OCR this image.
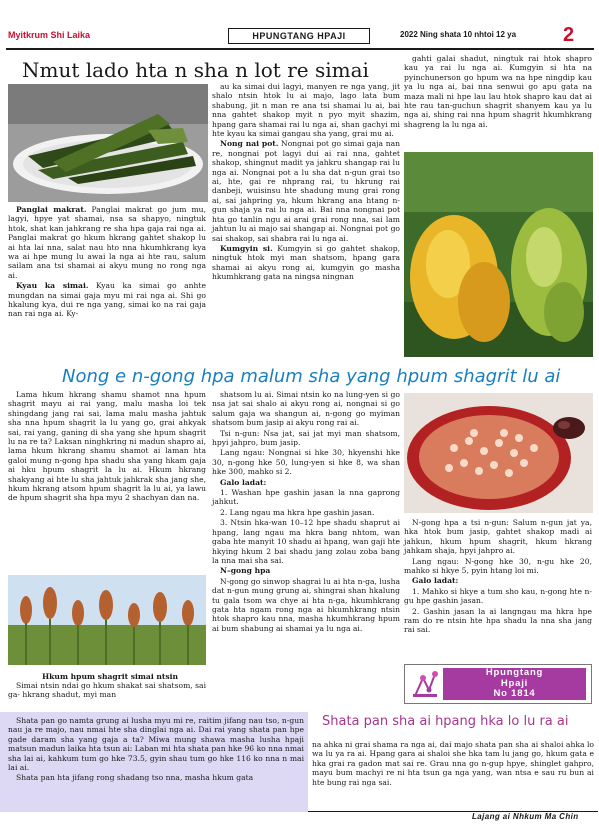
Myitkrum Shi Laika	HPUNGTANG HPAJI	2022 Ning shata 10 nhtoi 12 ya 2
Nmut lado hta n sha n lot re simai

Panglai makrat. Panglai makrat go jum mu, lagyi, hpye yat shamai, nsa sa shapyo, ningtuk htok, shat kan jahkrang re sha hpa gaja rai nga ai. Panglai makrat go hkum hkrang gahtet shakop lu ai hta lai nna, salat nau hto nna hkumhkrang kya wa ai hpe mung lu awai la nga ai hte rau, salum sailam ana tsi shamai ai akyu mung no rong nga ai.

Kyau ka simai. Kyau ka simai go anhte mungdan na simai gaja myu mi rai nga ai. Shi go hkalung kya, dui re nga yang, simai ko na rai gaja nan rai nga ai. Ky-

au ka simai dui lagyi, manyen re nga yang, jit shalo ntsin htok lu ai majo, lago lata bum shabung, jit n man re ana tsi shamai lu ai, bai nna gahtet shakop myit n pyo myit shazim, hpang gara shamai rai lu nga ai, shan gachyi mi hte kyau ka simai gangau sha yang, grai mu ai.

Nong nai pot. Nongnai pot go simai gaja nan re, nongnai pot lagyi dui ai rai nna, gahtet shakop, shingnut madit ya jahkru shangap rai lu nga ai. Nongnai pot a lu sha dat n-gun grai tso ai, hte, gai re nhprang rai, tu hkrung rai danbeji, wuisinsu hte shadung mung grai rong ai, sai jahpring ya, hkum hkrang ana htang n-gun shaja ya rai lu nga ai. Bai nna nongnai pot hta go tanlin ngu ai arai grai rong nna, sai lam jahtun lu ai majo sai shangap ai. Nongnai pot go sai shakop, sai shabra rai lu nga ai.

Kumgyin si. Kumgyin si go gahtet shakop, ningtuk htok myi man shatsom, hpang gara shamai ai akyu rong ai, kumgyin go masha hkumhkrang gata na ningsa ningnan

gahti galai shadut, ningtuk rai htok shapro kau ya rai lu nga ai. Kumgyin si hta na pyinchunerson go hpum wa na hpe ningdip kau ya lu nga ai, bai nna senwui go apu gata na maza mali ni hpe lau lau htok shapro kau dat ai hte rau tan-guchun shagrit shanyem kau ya lu nga ai, shing rai nna hpum shagrit hkumhkrang shagreng la lu nga ai.

Nong e n-gong hpa malum sha yang hpum shagrit lu ai

Lama hkum hkrang shamu shamot nna hpum shagrit mayu ai rai yang, malu masha loi tek shingdang jang rai sai, lama malu masha jahtuk sha nna hpum shagrit la lu yang go, grai ahkyak sai, rai yang, ganing di sha yang she hpum shagrit lu na re ta? Laksan ninghkring ni madun shapro ai, lama hkum hkrang shamu shamot ai laman hta galoi mung n-gong hpa shadu sha yang hkam gaja ai hku hpum shagrit la lu ai. Hkum hkrang shakyang ai hte lu sha jahtuk jahkrak sha jang she, hkum hkrang atsom hpum shagrit la lu ai, ya lawu de hpum shagrit sha hpa myu 2 shachyan dan na.

Hkum hpum shagrit simai ntsin

Simai ntsin ndai go hkum shakat sai shatsom, sai ga- hkrang shadut, myi man

shatsom lu ai. Simai ntsin ko na lung-yen si go nsa jat sai shalo ai akyu rong ai, nongnai si go salum gaja wa shangun ai, n-gong go myiman shatsom bum jasip ai akyu rong rai ai.

Tsi n-gun: Nsa jat, sai jat myi man shatsom, hpyi jahpro, bum jasip.

Lang ngau: Nongnai si hke 30, hkyenshi hke 30, n-gong hke 50, lung-yen si hke 8, wa shan hke 300, mahko si 2.

Galo ladat:

1. Washan hpe gashin jasan la nna gaprong jahkut.

2. Lang ngau ma hkra hpe gashin jasan.

3. Ntsin hka-wan 10–12 hpe shadu shaprut ai hpang, lang ngau ma hkra bang nhtom, wan gaba hte manyit 10 shadu ai hpang, wan gaji hte hkying hkum 2 bai shadu jang zolau zoba bang la nna mai sha sai.

N–gong hpa

N-gong go sinwop shagrai lu ai hta n-ga, lusha dat n-gun mung grung ai, shingrai shan hkalung tu gala tsom wa chye ai hta n-ga, hkumhkrang gata hta ngam rong nga ai hkumhkrang ntsin htok shapro kau nna, masha hkumhkrang hpum ai bum shabung ai shamai ya lu nga ai.

N-gong hpa a tsi n-gun: Salum n-gun jat ya, hka htok bum jasip, gahtet shakop madi ai jahkun, hkum hpum shagrit, hkum hkrang jahkam shaja, hpyi jahpro ai.

Lang ngau: N-gong hke 30, n-gu hke 20, mahko si hkye 5, pyin htang loi mi.

Galo ladat:

1. Mahko si hkye a tum sho kau, n-gong hte n-gu hpe gashin jasan.

2. Gashin jasan la ai langngau ma hkra hpe ram do re ntsin hte hpa shadu la nna sha jang rai sai.

Hpungtang
Hpaji
No 1814

Shata pan go namta grung ai lusha myu mi re, raitim jifang nau tso, n-gun nau ja re majo, nau nmai hte sha dinglai nga ai. Dai rai yang shata pan hpe gade daram sha yang gaja a ta? Miwa mung shawa masha lusha hpaji matsun madun laika hta tsun ai: Laban mi hta shata pan hke 96 ko nna nmai sha lai ai, kahkum tum go hke 73.5, gyin shau tum go hke 116 ko nna n mai lai ai.

Shata pan hta jifang rong shadang tso nna, masha hkum gata

Shata pan sha ai hpang hka lo lu ra ai

na ahka ni grai shama ra nga ai, dai majo shata pan sha ai shaloi ahka lo wa lu ya ra ai. Hpang gara ai shaloi she hka tam lu jang go, hkum gata e hka grai ra gadon mat sai re. Grau nna go n-gup hpye, shinglet gahpro, mayu bum machyi re ni hta tsun ga nga yang, wan ntsa e sau ru bun ai hte bung rai nga sai.

Lajang ai Nhkum Ma Chin
